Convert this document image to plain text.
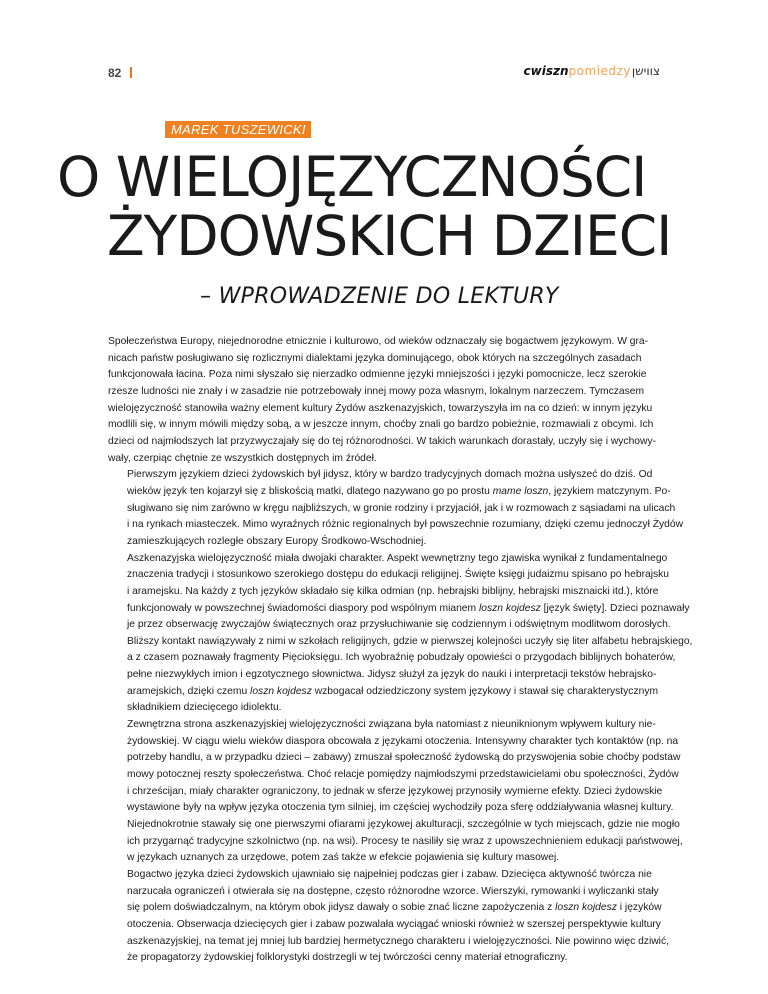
82	cwisznpomiedzyצווישן
MAREK TUSZEWICKI
O WIELOJĘZYCZNOŚCI
ŻYDOWSKICH DZIECI
– WPROWADZENIE DO LEKTURY

Społeczeństwa Europy, niejednorodne etnicznie i kulturowo, od wieków odznaczały się bogactwem językowym. W gra-
nicach państw posługiwano się rozlicznymi dialektami języka dominującego, obok których na szczególnych zasadach
funkcjonowała łacina. Poza nimi słyszało się nierzadko odmienne języki mniejszości i języki pomocnicze, lecz szerokie
rzesze ludności nie znały i w zasadzie nie potrzebowały innej mowy poza własnym, lokalnym narzeczem. Tymczasem
wielojęzyczność stanowiła ważny element kultury Żydów aszkenazyjskich, towarzyszyła im na co dzień: w innym języku
modlili się, w innym mówili między sobą, a w jeszcze innym, choćby znali go bardzo pobieżnie, rozmawiali z obcymi. Ich
dzieci od najmłodszych lat przyzwyczajały się do tej różnorodności. W takich warunkach dorastały, uczyły się i wychowy-
wały, czerpiąc chętnie ze wszystkich dostępnych im źródeł.

Pierwszym językiem dzieci żydowskich był jidysz, który w bardzo tradycyjnych domach można usłyszeć do dziś. Od
wieków język ten kojarzył się z bliskością matki, dlatego nazywano go po prostu mame loszn, językiem matczynym. Po-
sługiwano się nim zarówno w kręgu najbliższych, w gronie rodziny i przyjaciół, jak i w rozmowach z sąsiadami na ulicach
i na rynkach miasteczek. Mimo wyraźnych różnic regionalnych był powszechnie rozumiany, dzięki czemu jednoczył Żydów
zamieszkujących rozległe obszary Europy Środkowo-Wschodniej.

Aszkenazyjska wielojęzyczność miała dwojaki charakter. Aspekt wewnętrzny tego zjawiska wynikał z fundamentalnego
znaczenia tradycji i stosunkowo szerokiego dostępu do edukacji religijnej. Święte księgi judaizmu spisano po hebrajsku
i aramejsku. Na każdy z tych języków składało się kilka odmian (np. hebrajski biblijny, hebrajski misznaicki itd.), które
funkcjonowały w powszechnej świadomości diaspory pod wspólnym mianem loszn kojdesz [język święty]. Dzieci poznawały
je przez obserwację zwyczajów świątecznych oraz przysłuchiwanie się codziennym i odświętnym modlitwom dorosłych.
Bliższy kontakt nawiązywały z nimi w szkołach religijnych, gdzie w pierwszej kolejności uczyły się liter alfabetu hebrajskiego,
a z czasem poznawały fragmenty Pięcioksięgu. Ich wyobraźnię pobudzały opowieści o przygodach biblijnych bohaterów,
pełne niezwykłych imion i egzotycznego słownictwa. Jidysz służył za język do nauki i interpretacji tekstów hebrajsko-
aramejskich, dzięki czemu loszn kojdesz wzbogacał odziedziczony system językowy i stawał się charakterystycznym
składnikiem dziecięcego idiolektu.

Zewnętrzna strona aszkenazyjskiej wielojęzyczności związana była natomiast z nieuniknionym wpływem kultury nie-
żydowskiej. W ciągu wielu wieków diaspora obcowała z językami otoczenia. Intensywny charakter tych kontaktów (np. na
potrzeby handlu, a w przypadku dzieci – zabawy) zmuszał społeczność żydowską do przyswojenia sobie choćby podstaw
mowy potocznej reszty społeczeństwa. Choć relacje pomiędzy najmłodszymi przedstawicielami obu społeczności, Żydów
i chrześcijan, miały charakter ograniczony, to jednak w sferze językowej przynosiły wymierne efekty. Dzieci żydowskie
wystawione były na wpływ języka otoczenia tym silniej, im częściej wychodziły poza sferę oddziaływania własnej kultury.
Niejednokrotnie stawały się one pierwszymi ofiarami językowej akulturacji, szczególnie w tych miejscach, gdzie nie mogło
ich przygarnąć tradycyjne szkolnictwo (np. na wsi). Procesy te nasiliły się wraz z upowszechnieniem edukacji państwowej,
w językach uznanych za urzędowe, potem zaś także w efekcie pojawienia się kultury masowej.

Bogactwo języka dzieci żydowskich ujawniało się najpełniej podczas gier i zabaw. Dziecięca aktywność twórcza nie
narzucała ograniczeń i otwierała się na dostępne, często różnorodne wzorce. Wierszyki, rymowanki i wyliczanki stały
się polem doświadczalnym, na którym obok jidysz dawały o sobie znać liczne zapożyczenia z loszn kojdesz i języków
otoczenia. Obserwacja dziecięcych gier i zabaw pozwalała wyciągać wnioski również w szerszej perspektywie kultury
aszkenazyjskiej, na temat jej mniej lub bardziej hermetycznego charakteru i wielojęzyczności. Nie powinno więc dziwić,
że propagatorzy żydowskiej folklorystyki dostrzegli w tej twórczości cenny materiał etnograficzny.
